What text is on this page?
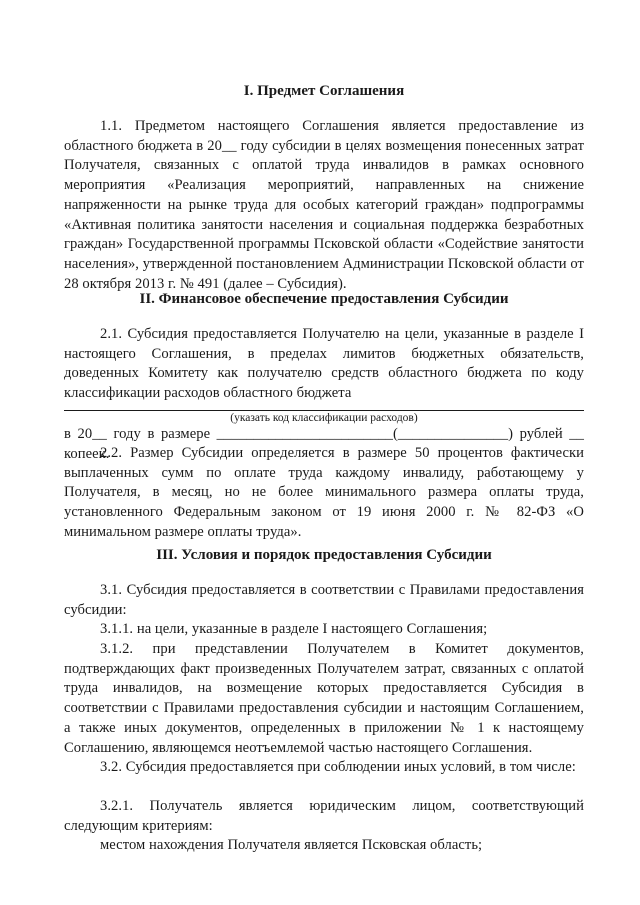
I. Предмет Соглашения

1.1. Предметом настоящего Соглашения является предоставление из областного бюджета в 20__ году субсидии в целях возмещения понесенных затрат Получателя, связанных с оплатой труда инвалидов в рамках основного мероприятия «Реализация мероприятий, направленных на снижение напряженности на рынке труда для особых категорий граждан» подпрограммы «Активная политика занятости населения и социальная поддержка безработных граждан» Государственной программы Псковской области «Содействие занятости населения», утвержденной постановлением Администрации Псковской области от 28 октября 2013 г. № 491 (далее – Субсидия).

II. Финансовое обеспечение предоставления Субсидии

2.1. Субсидия предоставляется Получателю на цели, указанные в разделе I настоящего Соглашения, в пределах лимитов бюджетных обязательств, доведенных Комитету как получателю средств областного бюджета по коду классификации расходов областного бюджета

(указать код классификации расходов)

в 20__ году в размере ________________________(_______________) рублей __ копеек.

2.2. Размер Субсидии определяется в размере 50 процентов фактически выплаченных сумм по оплате труда каждому инвалиду, работающему у Получателя, в месяц, но не более минимального размера оплаты труда, установленного Федеральным законом от 19 июня 2000 г. № 82-ФЗ «О минимальном размере оплаты труда».

III. Условия и порядок предоставления Субсидии

3.1. Субсидия предоставляется в соответствии с Правилами предоставления субсидии:

3.1.1. на цели, указанные в разделе I настоящего Соглашения;

3.1.2. при представлении Получателем в Комитет документов, подтверждающих факт произведенных Получателем затрат, связанных с оплатой труда инвалидов, на возмещение которых предоставляется Субсидия в соответствии с Правилами предоставления субсидии и настоящим Соглашением, а также иных документов, определенных в приложении № 1 к настоящему Соглашению, являющемся неотъемлемой частью настоящего Соглашения.

3.2. Субсидия предоставляется при соблюдении иных условий, в том числе:

3.2.1. Получатель является юридическим лицом, соответствующий следующим критериям:

местом нахождения Получателя является Псковская область;
